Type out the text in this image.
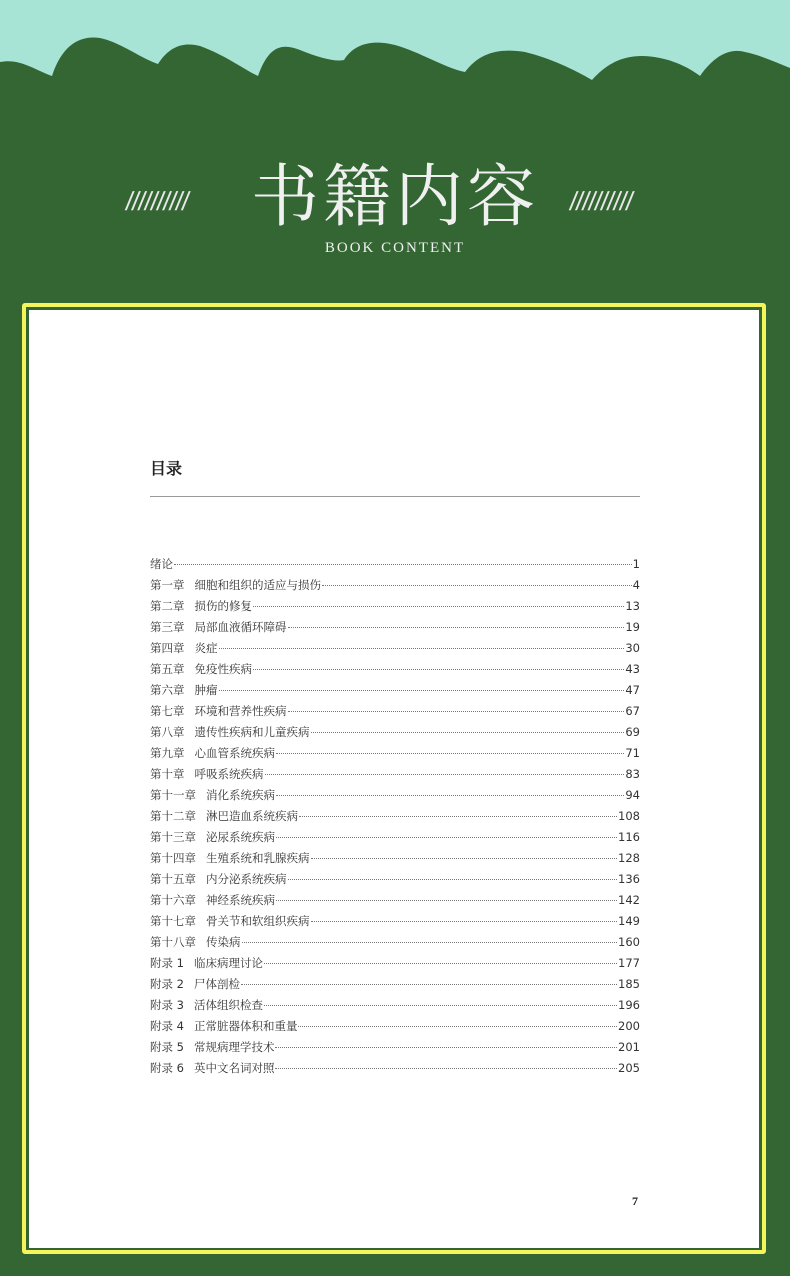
//////////	//////////
书籍内容
BOOK CONTENT
目录
绪论	1
第一章 细胞和组织的适应与损伤	4
第二章 损伤的修复	13
第三章 局部血液循环障碍	19
第四章 炎症	30
第五章 免疫性疾病	43
第六章 肿瘤	47
第七章 环境和营养性疾病	67
第八章 遗传性疾病和儿童疾病	69
第九章 心血管系统疾病	71
第十章 呼吸系统疾病	83
第十一章 消化系统疾病	94
第十二章 淋巴造血系统疾病	108
第十三章 泌尿系统疾病	116
第十四章 生殖系统和乳腺疾病	128
第十五章 内分泌系统疾病	136
第十六章 神经系统疾病	142
第十七章 骨关节和软组织疾病	149
第十八章 传染病	160
附录 1 临床病理讨论	177
附录 2 尸体剖检	185
附录 3 活体组织检查	196
附录 4 正常脏器体积和重量	200
附录 5 常规病理学技术	201
附录 6 英中文名词对照	205
7
